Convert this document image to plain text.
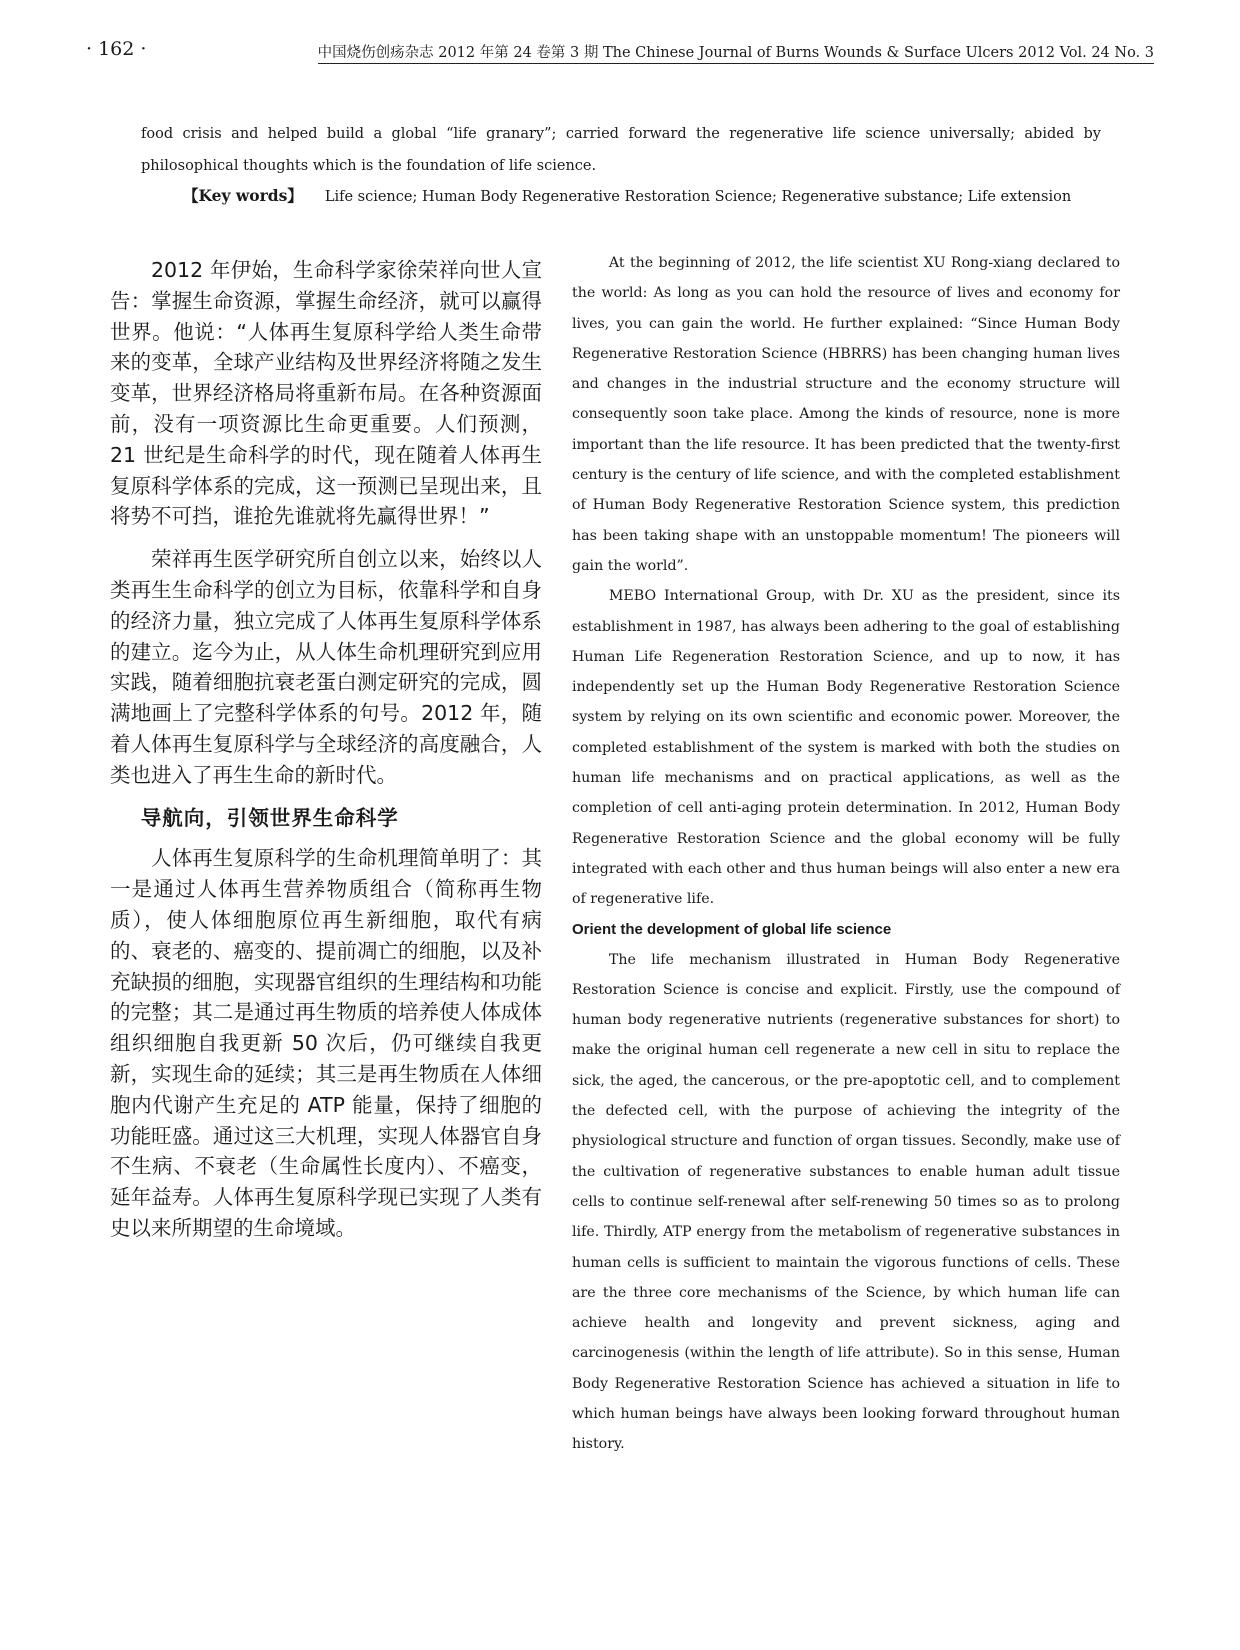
· 162 ·	中国烧伤创疡杂志 2012 年第 24 卷第 3 期 The Chinese Journal of Burns Wounds & Surface Ulcers 2012 Vol. 24 No. 3

food crisis and helped build a global “life granary”; carried forward the regenerative life science universally; abided by philosophical thoughts which is the foundation of life science.

【Key words】 Life science; Human Body Regenerative Restoration Science; Regenerative substance; Life extension

2012 年伊始，生命科学家徐荣祥向世人宣告：掌握生命资源，掌握生命经济，就可以赢得世界。他说：“人体再生复原科学给人类生命带来的变革，全球产业结构及世界经济将随之发生变革，世界经济格局将重新布局。在各种资源面前，没有一项资源比生命更重要。人们预测，21 世纪是生命科学的时代，现在随着人体再生复原科学体系的完成，这一预测已呈现出来，且将势不可挡，谁抢先谁就将先赢得世界！”

荣祥再生医学研究所自创立以来，始终以人类再生生命科学的创立为目标，依靠科学和自身的经济力量，独立完成了人体再生复原科学体系的建立。迄今为止，从人体生命机理研究到应用实践，随着细胞抗衰老蛋白测定研究的完成，圆满地画上了完整科学体系的句号。2012 年，随着人体再生复原科学与全球经济的高度融合，人类也进入了再生生命的新时代。

导航向，引领世界生命科学

人体再生复原科学的生命机理简单明了：其一是通过人体再生营养物质组合（简称再生物质），使人体细胞原位再生新细胞，取代有病的、衰老的、癌变的、提前凋亡的细胞，以及补充缺损的细胞，实现器官组织的生理结构和功能的完整；其二是通过再生物质的培养使人体成体组织细胞自我更新 50 次后，仍可继续自我更新，实现生命的延续；其三是再生物质在人体细胞内代谢产生充足的 ATP 能量，保持了细胞的功能旺盛。通过这三大机理，实现人体器官自身不生病、不衰老（生命属性长度内）、不癌变，延年益寿。人体再生复原科学现已实现了人类有史以来所期望的生命境域。

At the beginning of 2012, the life scientist XU Rong-xiang declared to the world: As long as you can hold the resource of lives and economy for lives, you can gain the world. He further explained: “Since Human Body Regenerative Restoration Science (HBRRS) has been changing human lives and changes in the industrial structure and the economy structure will consequently soon take place. Among the kinds of resource, none is more important than the life resource. It has been predicted that the twenty-first century is the century of life science, and with the completed establishment of Human Body Regenerative Restoration Science system, this prediction has been taking shape with an unstoppable momentum! The pioneers will gain the world”.

MEBO International Group, with Dr. XU as the president, since its establishment in 1987, has always been adhering to the goal of establishing Human Life Regeneration Restoration Science, and up to now, it has independently set up the Human Body Regenerative Restoration Science system by relying on its own scientific and economic power. Moreover, the completed establishment of the system is marked with both the studies on human life mechanisms and on practical applications, as well as the completion of cell anti-aging protein determination. In 2012, Human Body Regenerative Restoration Science and the global economy will be fully integrated with each other and thus human beings will also enter a new era of regenerative life.

Orient the development of global life science

The life mechanism illustrated in Human Body Regenerative Restoration Science is concise and explicit. Firstly, use the compound of human body regenerative nutrients (regenerative substances for short) to make the original human cell regenerate a new cell in situ to replace the sick, the aged, the cancerous, or the pre-apoptotic cell, and to complement the defected cell, with the purpose of achieving the integrity of the physiological structure and function of organ tissues. Secondly, make use of the cultivation of regenerative substances to enable human adult tissue cells to continue self-renewal after self-renewing 50 times so as to prolong life. Thirdly, ATP energy from the metabolism of regenerative substances in human cells is sufficient to maintain the vigorous functions of cells. These are the three core mechanisms of the Science, by which human life can achieve health and longevity and prevent sickness, aging and carcinogenesis (within the length of life attribute). So in this sense, Human Body Regenerative Restoration Science has achieved a situation in life to which human beings have always been looking forward throughout human history.
